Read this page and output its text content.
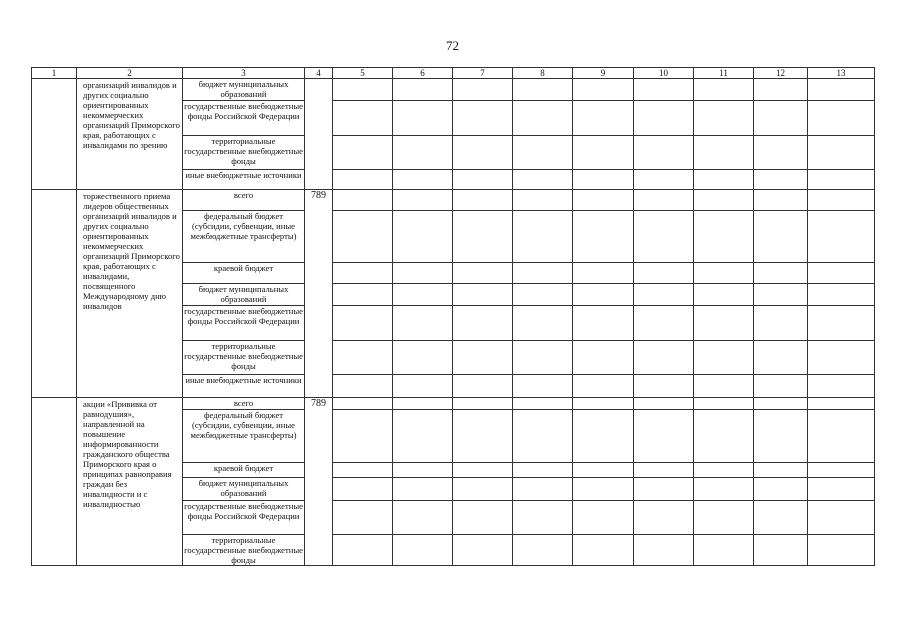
72
1	2	3	4	5	6	7	8	9	10	11	12	13
	организаций инвалидов и других социально ориентированных некоммерческих организаций Приморского края, работающих с инвалидами по зрению	бюджет муниципальных образований										
		государственные внебюджетные фонды Российской Федерации										
		территориальные государственные внебюджетные фонды										
		иные внебюджетные источники										
	торжественного приема лидеров общественных организаций инвалидов и других социально ориентированных некоммерческих организаций Приморского края, работающих с инвалидами, посвященного Международному дню инвалидов	всего	789									
		федеральный бюджет (субсидии, субвенции, иные межбюджетные трансферты)										
		краевой бюджет										
		бюджет муниципальных образований										
		государственные внебюджетные фонды Российской Федерации										
		территориальные государственные внебюджетные фонды										
		иные внебюджетные источники										
	акции «Прививка от равнодушия», направленной на повышение информированности гражданского общества Приморского края о принципах равноправия граждан без инвалидности и с инвалидностью	всего	789									
		федеральный бюджет (субсидии, субвенции, иные межбюджетные трансферты)										
		краевой бюджет										
		бюджет муниципальных образований										
		государственные внебюджетные фонды Российской Федерации										
		территориальные государственные внебюджетные фонды										
